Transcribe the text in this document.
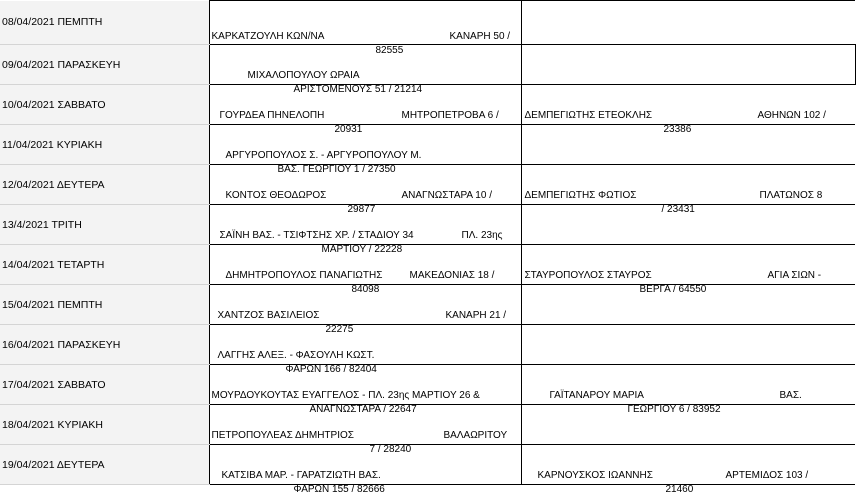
08/04/2021 ΠΕΜΠΤΗ	ΚΑΡΚΑΤΖΟΥΛΗ ΚΩΝ/ΝΑ ΚΑΝΑΡΗ 50 /
82555	

09/04/2021 ΠΑΡΑΣΚΕΥΗ	ΜΙΧΑΛΟΠΟΥΛΟΥ ΩΡΑΙΑ
ΑΡΙΣΤΟΜΕΝΟΥΣ 51 / 21214	

10/04/2021 ΣΑΒΒΑΤΟ	ΓΟΥΡΔΕΑ ΠΗΝΕΛΟΠΗ ΜΗΤΡΟΠΕΤΡΟΒΑ 6 /
20931	ΔΕΜΠΕΓΙΩΤΗΣ ΕΤΕΟΚΛΗΣ ΑΘΗΝΩΝ 102 /
23386

11/04/2021 ΚΥΡΙΑΚΗ	ΑΡΓΥΡΟΠΟΥΛΟΣ Σ. - ΑΡΓΥΡΟΠΟΥΛΟΥ Μ.
ΒΑΣ. ΓΕΩΡΓΙΟΥ 1 / 27350	

12/04/2021 ΔΕΥΤΕΡΑ	ΚΟΝΤΟΣ ΘΕΟΔΩΡΟΣ ΑΝΑΓΝΩΣΤΑΡΑ 10 /
29877	ΔΕΜΠΕΓΙΩΤΗΣ ΦΩΤΙΟΣ ΠΛΑΤΩΝΟΣ 8
/ 23431

13/4/2021 ΤΡΙΤΗ	ΣΑΪΝΗ ΒΑΣ. - ΤΣΙΦΤΣΗΣ ΧΡ. / ΣΤΑΔΙΟΥ 34 ΠΛ. 23ης
ΜΑΡΤΙΟΥ / 22228	

14/04/2021 ΤΕΤΑΡΤΗ	ΔΗΜΗΤΡΟΠΟΥΛΟΣ ΠΑΝΑΓΙΩΤΗΣ ΜΑΚΕΔΟΝΙΑΣ 18 /
84098	ΣΤΑΥΡΟΠΟΥΛΟΣ ΣΤΑΥΡΟΣ ΑΓΙΑ ΣΙΩΝ -
ΒΕΡΓΑ / 64550

15/04/2021 ΠΕΜΠΤΗ	ΧΑΝΤΖΟΣ ΒΑΣΙΛΕΙΟΣ ΚΑΝΑΡΗ 21 /
22275	

16/04/2021 ΠΑΡΑΣΚΕΥΗ	ΛΑΓΓΗΣ ΑΛΕΞ. - ΦΑΣΟΥΛΗ ΚΩΣΤ.
ΦΑΡΩΝ 166 / 82404	

17/04/2021 ΣΑΒΒΑΤΟ	ΜΟΥΡΔΟΥΚΟΥΤΑΣ ΕΥΑΓΓΕΛΟΣ - ΠΛ. 23ης ΜΑΡΤΙΟΥ 26 &
ΑΝΑΓΝΩΣΤΑΡΑ / 22647	ΓΑΪΤΑΝΑΡΟΥ ΜΑΡΙΑ ΒΑΣ.
ΓΕΩΡΓΙΟΥ 6 / 83952

18/04/2021 ΚΥΡΙΑΚΗ	ΠΕΤΡΟΠΟΥΛΕΑΣ ΔΗΜΗΤΡΙΟΣ ΒΑΛΑΩΡΙΤΟΥ
7 / 28240	

19/04/2021 ΔΕΥΤΕΡΑ	ΚΑΤΣΙΒΑ ΜΑΡ. - ΓΑΡΑΤΖΙΩΤΗ ΒΑΣ.
ΦΑΡΩΝ 155 / 82666	ΚΑΡΝΟΥΣΚΟΣ ΙΩΑΝΝΗΣ ΑΡΤΕΜΙΔΟΣ 103 /
21460
